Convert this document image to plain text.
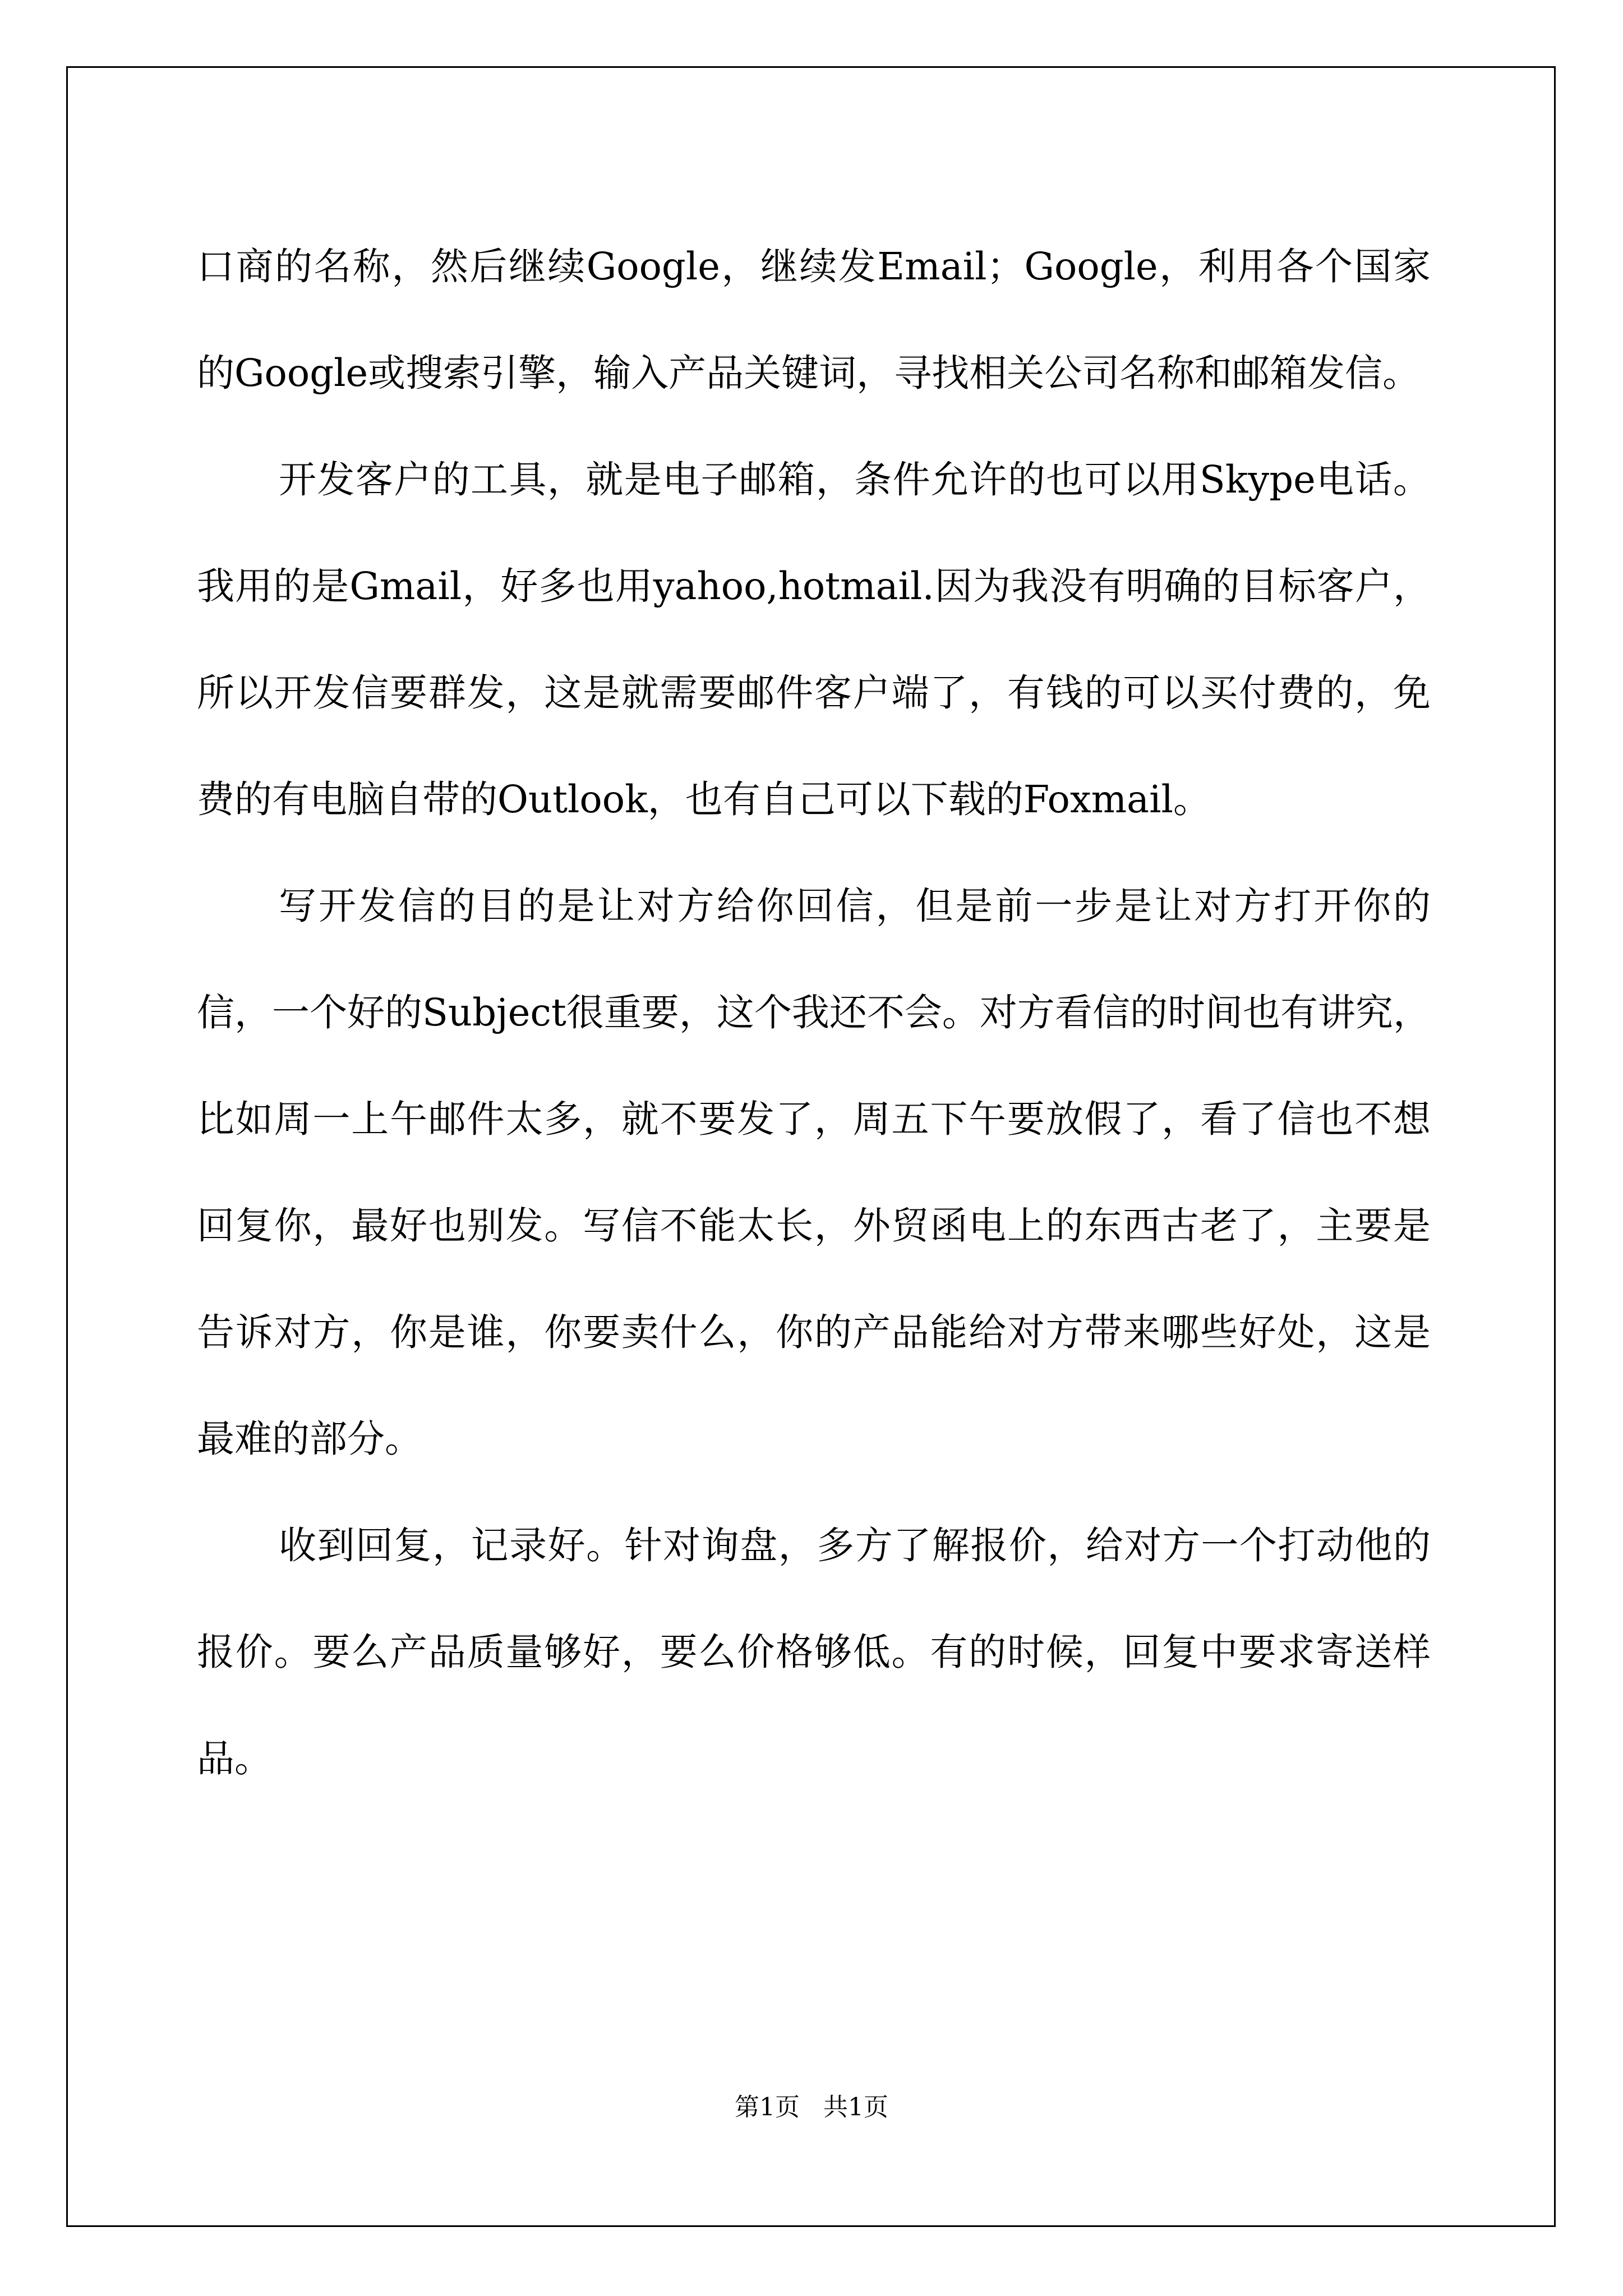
口商的名称，然后继续Google，继续发Email；Google，利用各个国家的Google或搜索引擎，输入产品关键词，寻找相关公司名称和邮箱发信。

开发客户的工具，就是电子邮箱，条件允许的也可以用Skype电话。我用的是Gmail，好多也用yahoo,hotmail.因为我没有明确的目标客户，所以开发信要群发，这是就需要邮件客户端了，有钱的可以买付费的，免费的有电脑自带的Outlook，也有自己可以下载的Foxmail。

写开发信的目的是让对方给你回信，但是前一步是让对方打开你的信，一个好的Subject很重要，这个我还不会。对方看信的时间也有讲究，比如周一上午邮件太多，就不要发了，周五下午要放假了，看了信也不想回复你，最好也别发。写信不能太长，外贸函电上的东西古老了，主要是告诉对方，你是谁，你要卖什么，你的产品能给对方带来哪些好处，这是最难的部分。

收到回复，记录好。针对询盘，多方了解报价，给对方一个打动他的报价。要么产品质量够好，要么价格够低。有的时候，回复中要求寄送样品。

第1页   共1页
